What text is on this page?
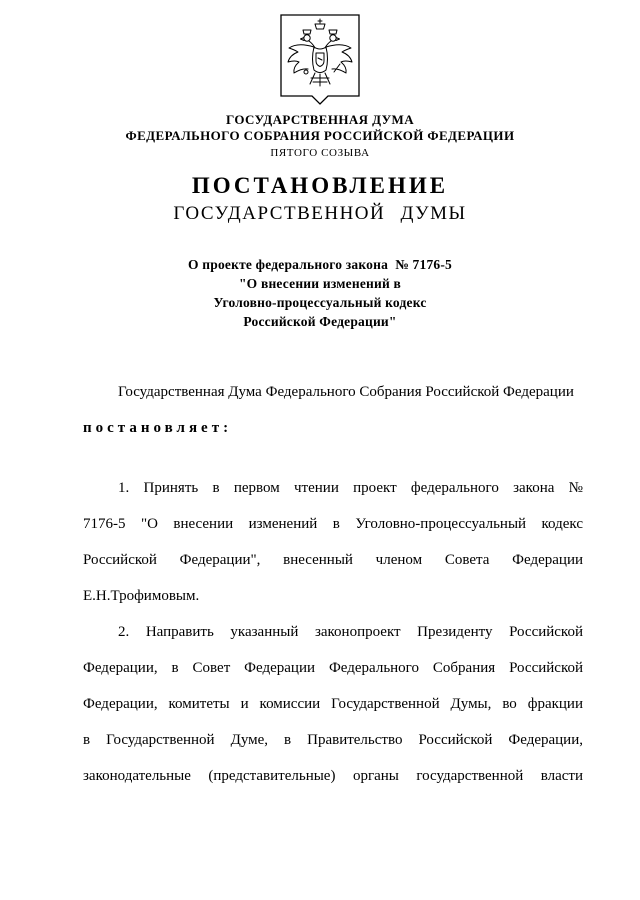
ГОСУДАРСТВЕННАЯ ДУМА
ФЕДЕРАЛЬНОГО СОБРАНИЯ РОССИЙСКОЙ ФЕДЕРАЦИИ
ПЯТОГО СОЗЫВА
ПОСТАНОВЛЕНИЕ
ГОСУДАРСТВЕННОЙ ДУМЫ
О проекте федерального закона  № 7176-5
"О внесении изменений в
Уголовно-процессуальный кодекс
Российской Федерации"

Государственная Дума Федерального Собрания Российской Федерации

постановляет:

1. Принять в первом чтении проект федерального закона № 7176-5 "О внесении изменений в Уголовно-процессуальный кодекс Российской Федерации", внесенный членом Совета Федерации Е.Н.Трофимовым.

2. Направить указанный законопроект Президенту Российской Федерации, в Совет Федерации Федерального Собрания Российской Федерации, комитеты и комиссии Государственной Думы, во фракции в Государственной Думе, в Правительство Российской Федерации, законодательные (представительные) органы государственной власти
